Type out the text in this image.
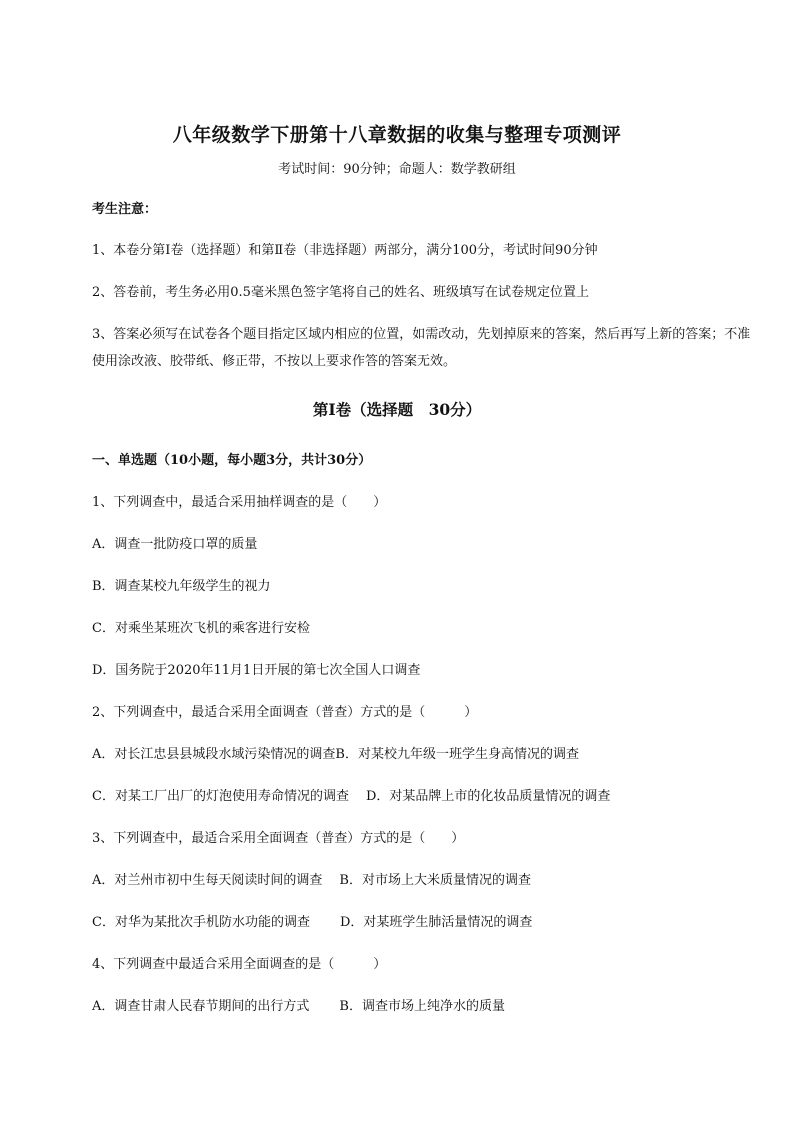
八年级数学下册第十八章数据的收集与整理专项测评
考试时间：90分钟；命题人：数学教研组
考生注意：
1、本卷分第I卷（选择题）和第Ⅱ卷（非选择题）两部分，满分100分，考试时间90分钟
2、答卷前，考生务必用0.5毫米黑色签字笔将自己的姓名、班级填写在试卷规定位置上
3、答案必须写在试卷各个题目指定区域内相应的位置，如需改动，先划掉原来的答案，然后再写上新的答案；不准使用涂改液、胶带纸、修正带，不按以上要求作答的答案无效。
第I卷（选择题　30分）
一、单选题（10小题，每小题3分，共计30分）
1、下列调查中，最适合采用抽样调查的是（　　）
A．调查一批防疫口罩的质量
B．调查某校九年级学生的视力
C．对乘坐某班次飞机的乘客进行安检
D．国务院于2020年11月1日开展的第七次全国人口调查
2、下列调查中，最适合采用全面调查（普查）方式的是（　　　）
A．对长江忠县县城段水域污染情况的调查B．对某校九年级一班学生身高情况的调查
C．对某工厂出厂的灯泡使用寿命情况的调查 D．对某品牌上市的化妆品质量情况的调查
3、下列调查中，最适合采用全面调查（普查）方式的是（　　）
A．对兰州市初中生每天阅读时间的调查 B．对市场上大米质量情况的调查
C．对华为某批次手机防水功能的调查 D．对某班学生肺活量情况的调查
4、下列调查中最适合采用全面调查的是（　　　）
A．调查甘肃人民春节期间的出行方式 B．调查市场上纯净水的质量
